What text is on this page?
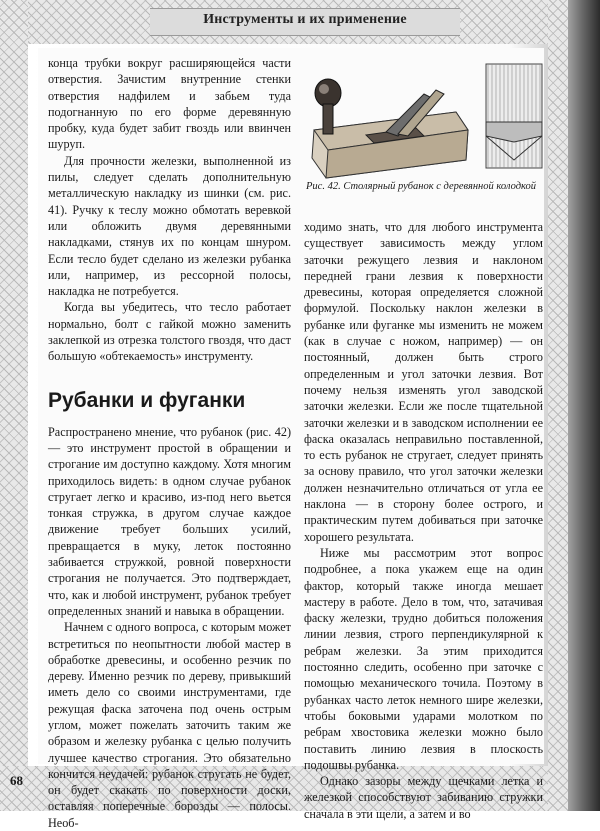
Инструменты и их применение

конца трубки вокруг расширяющейся части отверстия. Зачистим внутренние стенки отверстия надфилем и забьем туда подогнанную по его форме деревянную пробку, куда будет забит гвоздь или ввинчен шуруп.

Для прочности железки, выполненной из пилы, следует сделать дополнительную металлическую накладку из шинки (см. рис. 41). Ручку к теслу можно обмотать веревкой или обложить двумя деревянными накладками, стянув их по концам шнуром. Если тесло будет сделано из железки рубанка или, например, из рессорной полосы, накладка не потребуется.

Когда вы убедитесь, что тесло работает нормально, болт с гайкой можно заменить заклепкой из отрезка толстого гвоздя, что даст большую «обтекаемость» инструменту.

Рубанки и фуганки

Распространено мнение, что рубанок (рис. 42) — это инструмент простой в обращении и строгание им доступно каждому. Хотя многим приходилось видеть: в одном случае рубанок стругает легко и красиво, из-под него вьется тонкая стружка, в другом случае каждое движение требует больших усилий, превращается в муку, леток постоянно забивается стружкой, ровной поверхности строгания не получается. Это подтверждает, что, как и любой инструмент, рубанок требует определенных знаний и навыка в обращении.

Начнем с одного вопроса, с которым может встретиться по неопытности любой мастер в обработке древесины, и особенно резчик по дереву. Именно резчик по дереву, привыкший иметь дело со своими инструментами, где режущая фаска заточена под очень острым углом, может пожелать заточить таким же образом и железку рубанка с целью получить лучшее качество строгания. Это обязательно кончится неудачей: рубанок стругать не будет, он будет скакать по поверхности доски, оставляя поперечные борозды — полосы. Необ-

Рис. 42. Столярный рубанок с деревянной колодкой

ходимо знать, что для любого инструмента существует зависимость между углом заточки режущего лезвия и наклоном передней грани лезвия к поверхности древесины, которая определяется сложной формулой. Поскольку наклон железки в рубанке или фуганке мы изменить не можем (как в случае с ножом, например) — он постоянный, должен быть строго определенным и угол заточки лезвия. Вот почему нельзя изменять угол заводской заточки железки. Если же после тщательной заточки железки и в заводском исполнении ее фаска оказалась неправильно поставленной, то есть рубанок не стругает, следует принять за основу правило, что угол заточки железки должен незначительно отличаться от угла ее наклона — в сторону более острого, и практическим путем добиваться при заточке хорошего результата.

Ниже мы рассмотрим этот вопрос подробнее, а пока укажем еще на один фактор, который также иногда мешает мастеру в работе. Дело в том, что, затачивая фаску железки, трудно добиться положения линии лезвия, строго перпендикулярной к ребрам железки. За этим приходится постоянно следить, особенно при заточке с помощью механического точила. Поэтому в рубанках часто леток немного шире железки, чтобы боковыми ударами молотком по ребрам хвостовика железки можно было поставить линию лезвия в плоскость подошвы рубанка.

Однако зазоры между щечками летка и железкой способствуют забиванию стружки сначала в эти щели, а затем и во

68
